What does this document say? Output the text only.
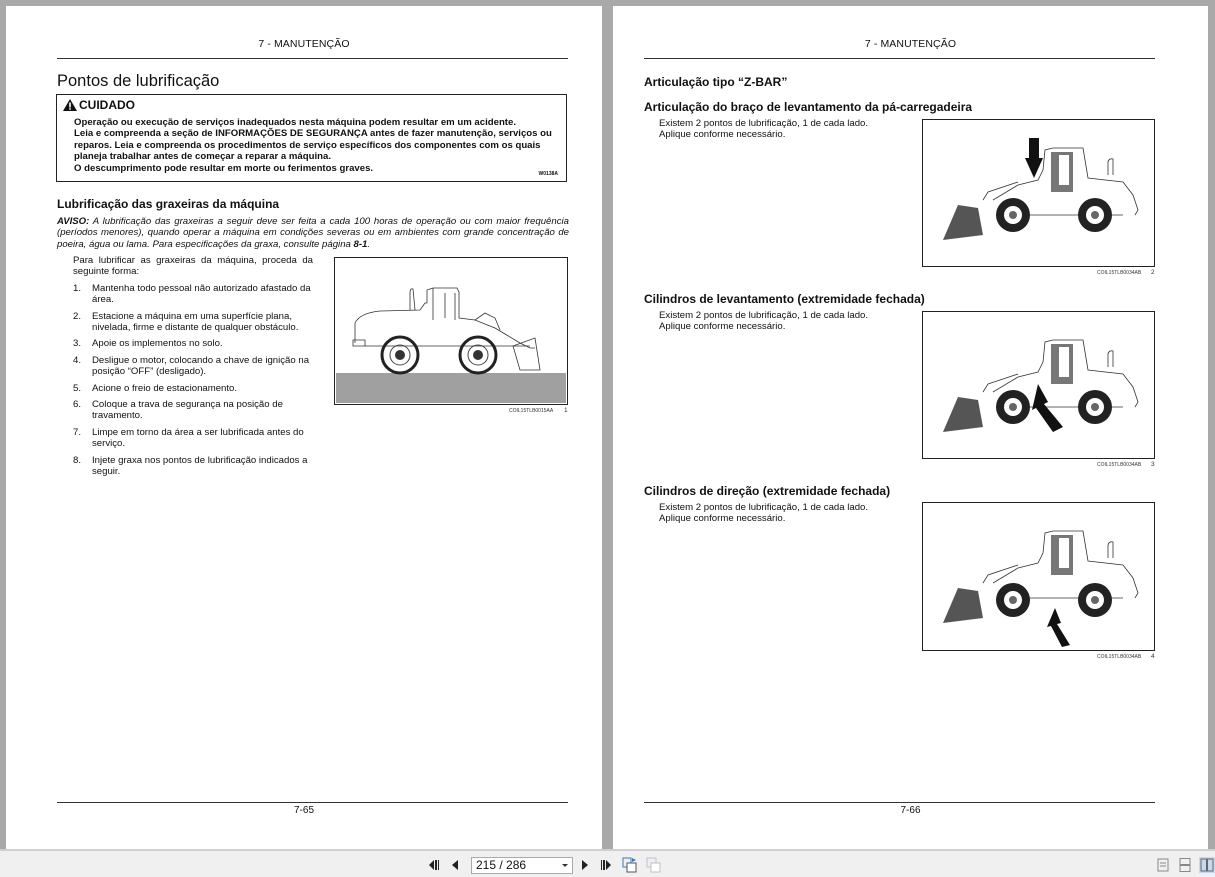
7 - MANUTENÇÃO
Pontos de lubrificação
CUIDADO
Operação ou execução de serviços inadequados nesta máquina podem resultar em um acidente.
Leia e compreenda a seção de INFORMAÇÕES DE SEGURANÇA antes de fazer manutenção, serviços ou reparos. Leia e compreenda os procedimentos de serviço específicos dos componentes com os quais planeja trabalhar antes de começar a reparar a máquina.
O descumprimento pode resultar em morte ou ferimentos graves.
W0138A
Lubrificação das graxeiras da máquina
AVISO: A lubrificação das graxeiras a seguir deve ser feita a cada 100 horas de operação ou com maior frequência (períodos menores), quando operar a máquina em condições severas ou em ambientes com grande concentração de poeira, água ou lama. Para especificações da graxa, consulte página 8-1.
Para lubrificar as graxeiras da máquina, proceda da seguinte forma:
1.	Mantenha todo pessoal não autorizado afastado da área.
2.	Estacione a máquina em uma superfície plana, nivelada, firme e distante de qualquer obstáculo.
3.	Apoie os implementos no solo.
4.	Desligue o motor, colocando a chave de ignição na posição “OFF” (desligado).
5.	Acione o freio de estacionamento.
6.	Coloque a trava de segurança na posição de travamento.
7.	Limpe em torno da área a ser lubrificada antes do serviço.
8.	Injete graxa nos pontos de lubrificação indicados a seguir.
COIL15TLB0015AA 1
7-65
7 - MANUTENÇÃO
Articulação tipo “Z-BAR”
Articulação do braço de levantamento da pá-carregadeira
Existem 2 pontos de lubrificação, 1 de cada lado.
Aplique conforme necessário.
COIL15TLB0034AB 2
Cilindros de levantamento (extremidade fechada)
Existem 2 pontos de lubrificação, 1 de cada lado.
Aplique conforme necessário.
COIL15TLB0034AB 3
Cilindros de direção (extremidade fechada)
Existem 2 pontos de lubrificação, 1 de cada lado.
Aplique conforme necessário.
COIL15TLB0034AB 4
7-66
215 / 286
